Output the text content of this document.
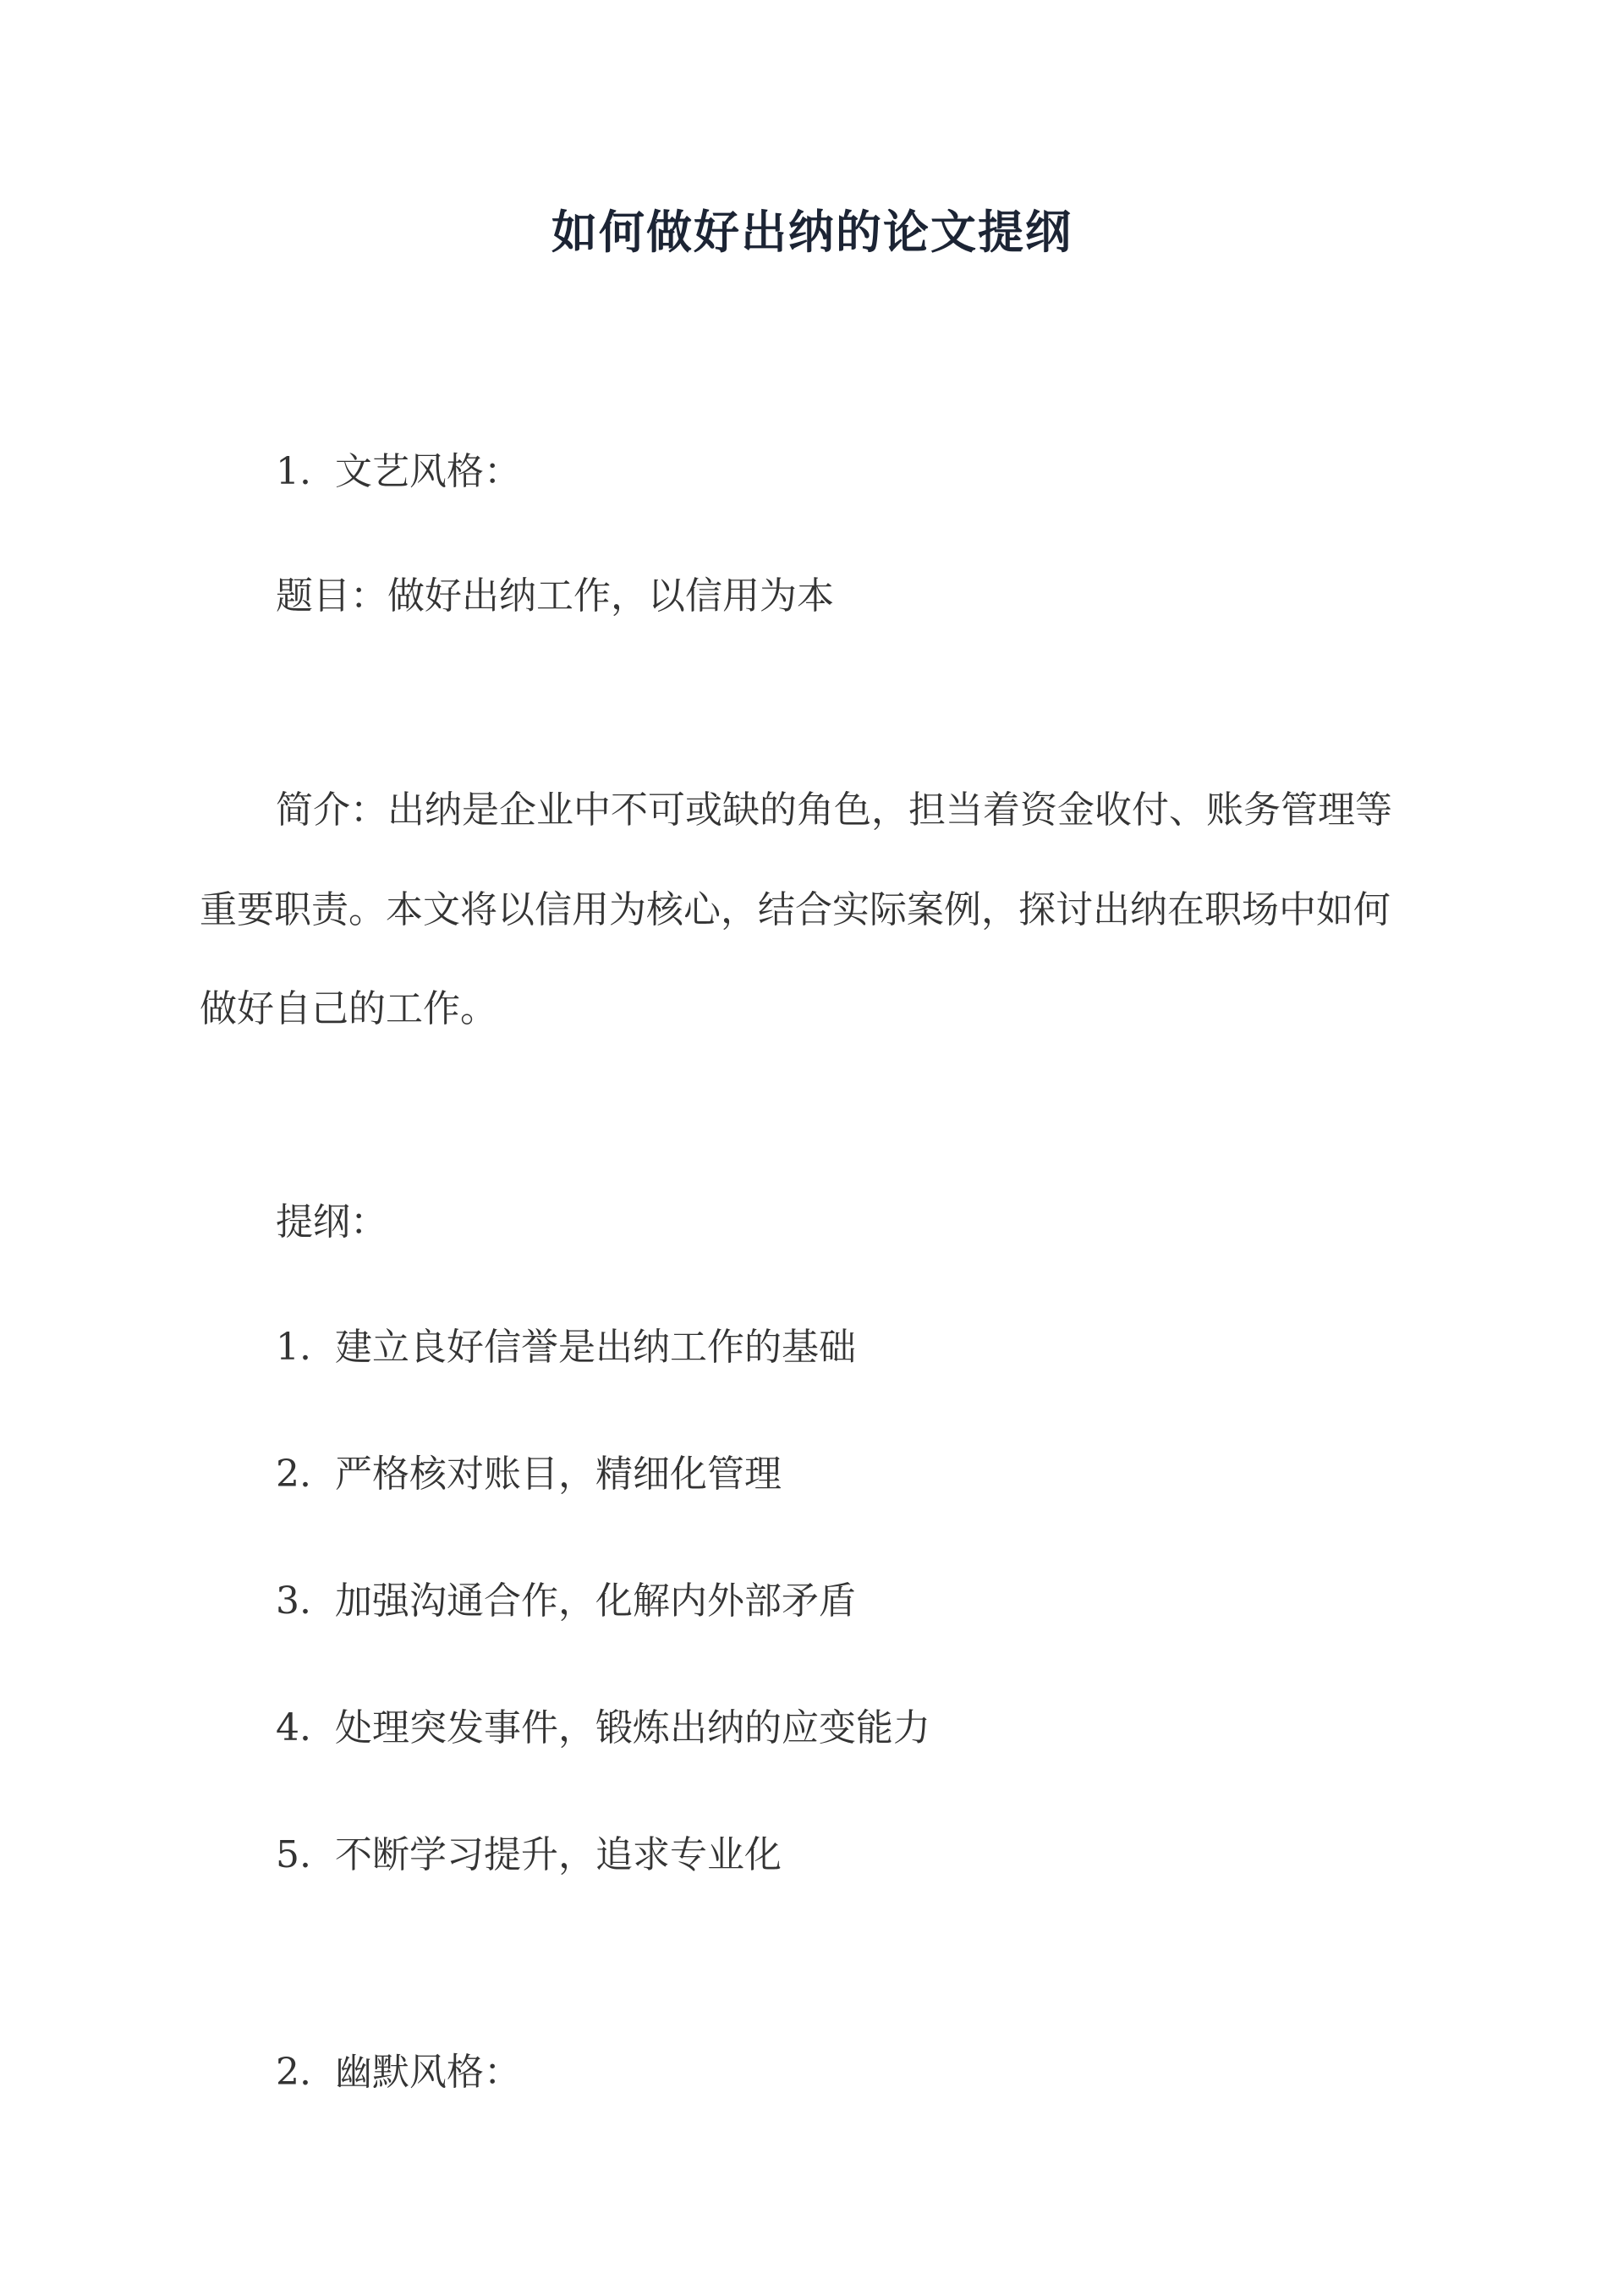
如何做好出纳的论文提纲

1. 文艺风格：

题目：做好出纳工作，以信用为本

简介：出纳是企业中不可或缺的角色，担当着资金收付、账务管理等

重要职责。本文将以信用为核心，结合实际案例，探讨出纳在职场中如何

做好自己的工作。

提纲：

1. 建立良好信誉是出纳工作的基础

2. 严格核对账目，精细化管理

3. 加强沟通合作，化解内外部矛盾

4. 处理突发事件，锻炼出纳的应变能力

5. 不断学习提升，追求专业化

2. 幽默风格：
